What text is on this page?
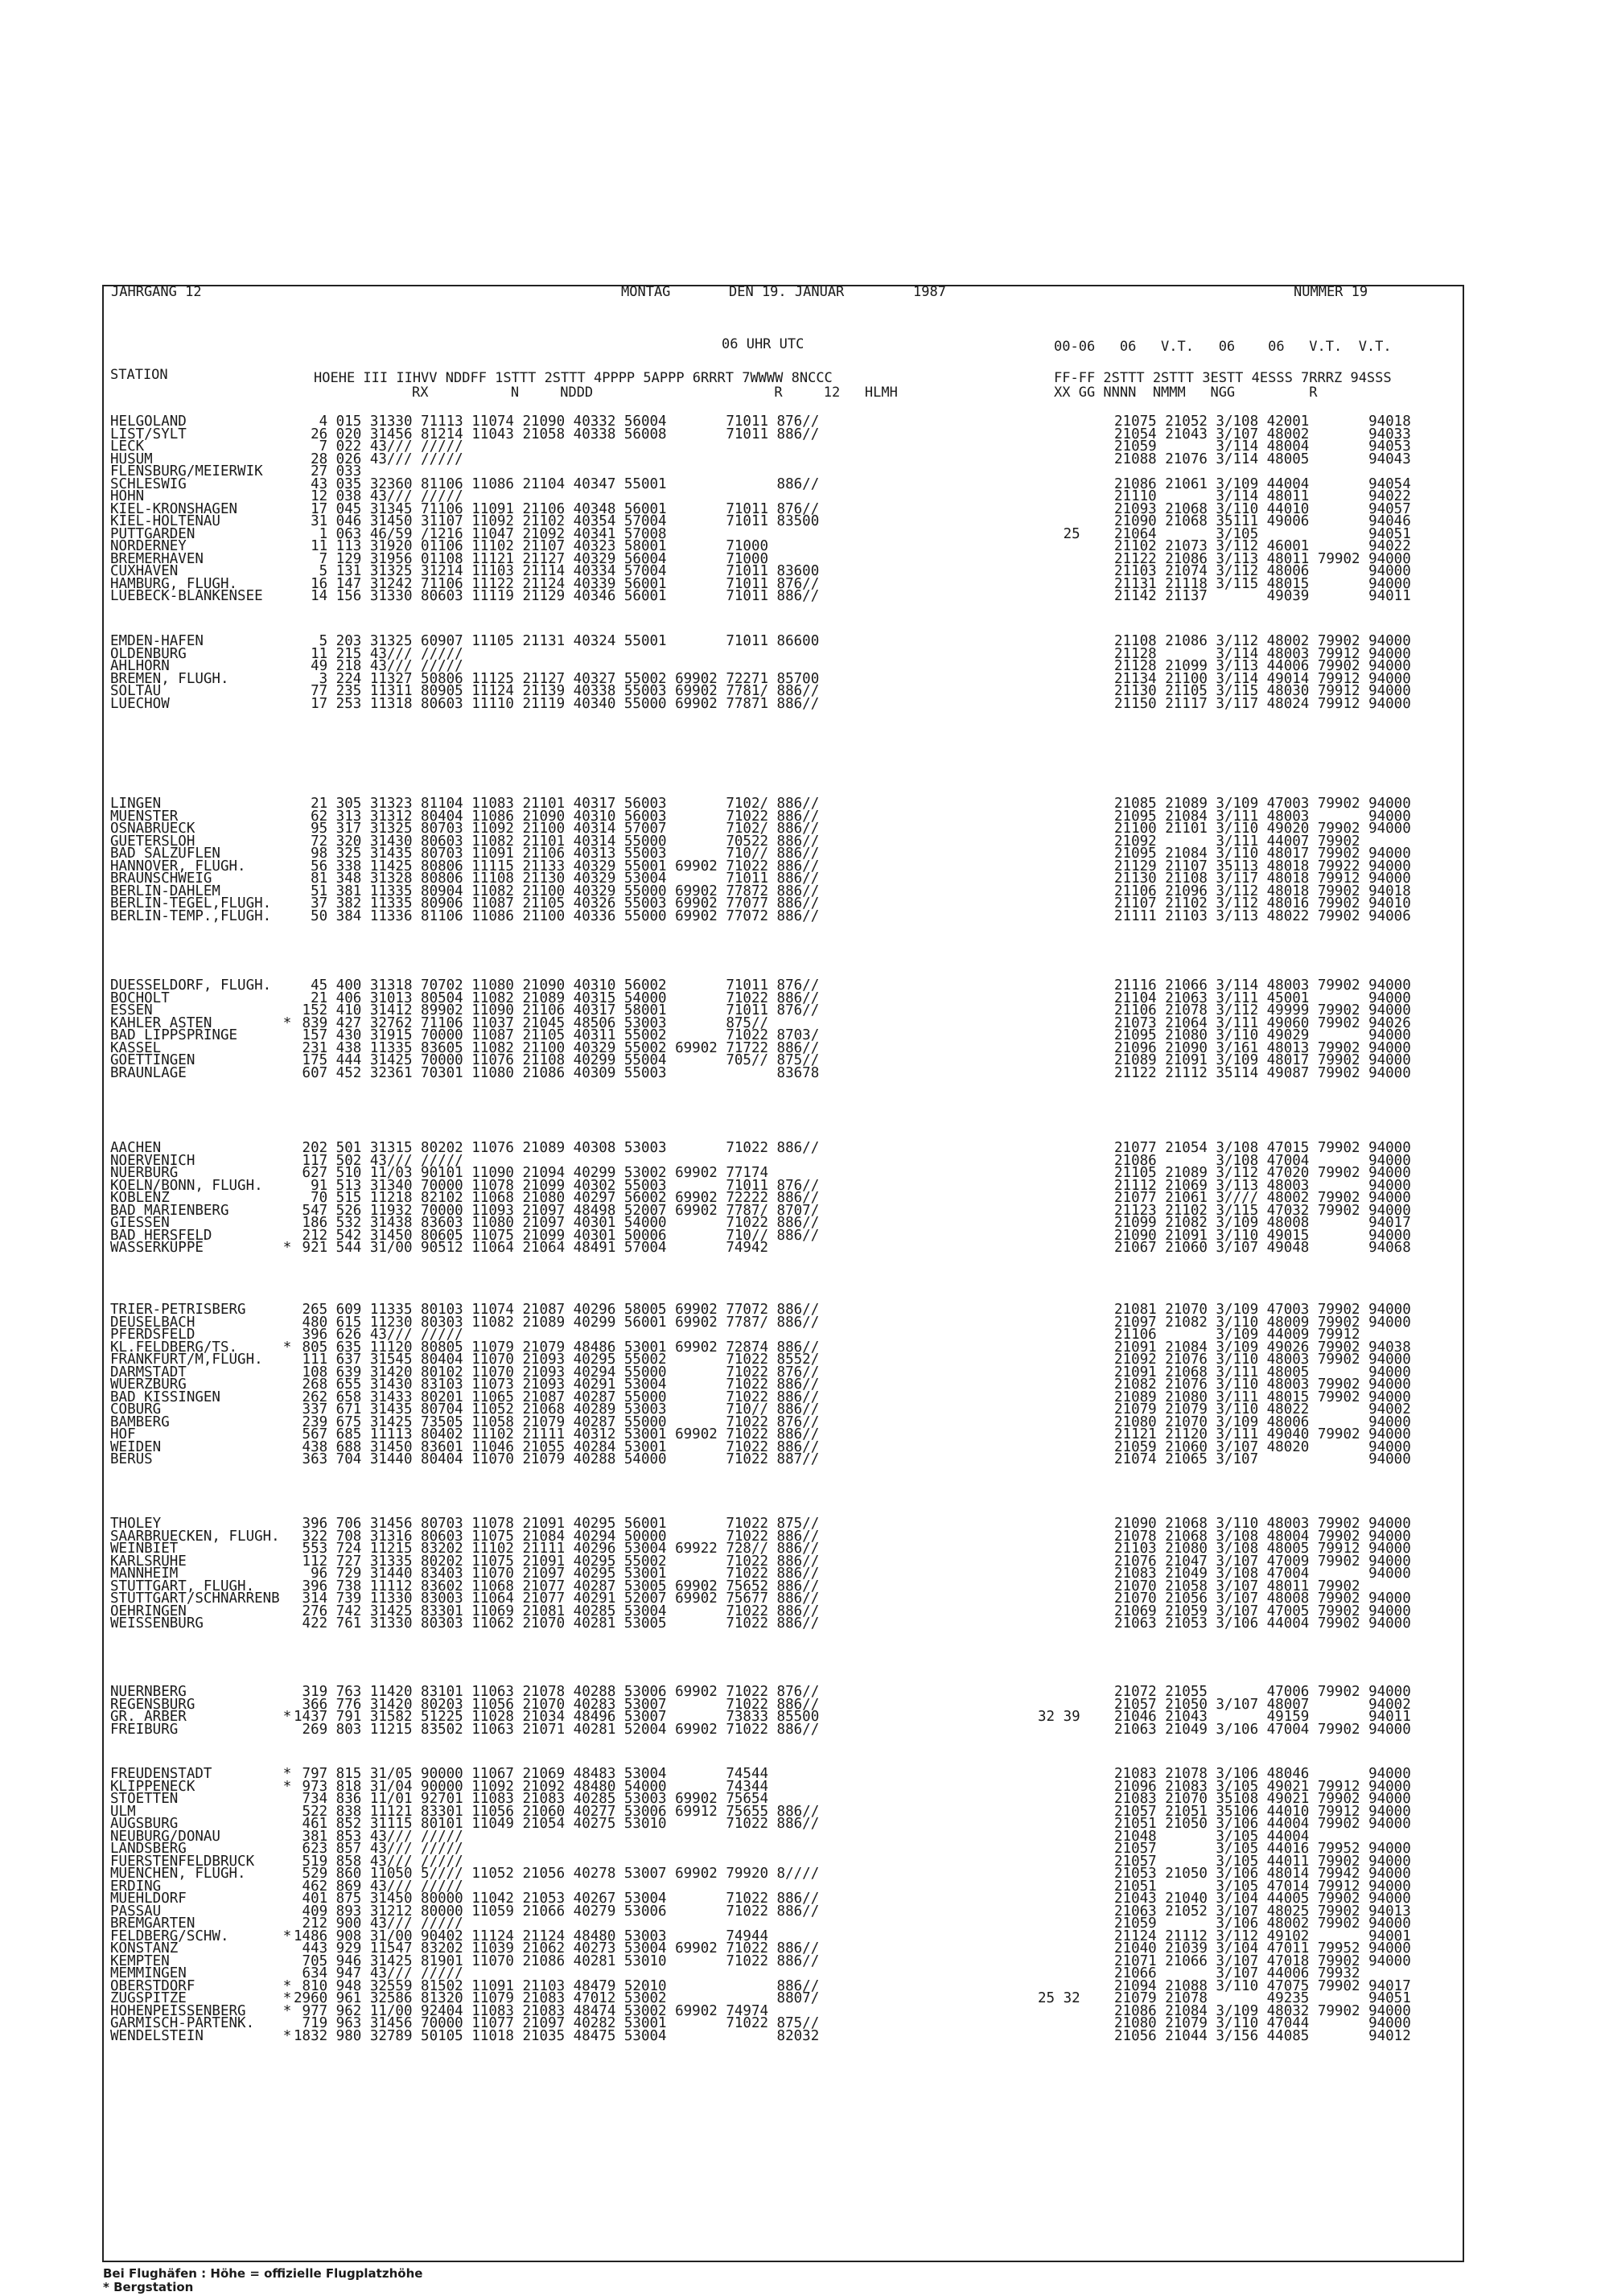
JAHRGANG 12	MONTAG	DEN 19. JANUAR	1987	NUMMER 19
06 UHR UTC	00-06   06   V.T.   06    06   V.T.  V.T.
STATION	HOEHE III IIHVV NDDFF 1STTT 2STTT 4PPPP 5APPP 6RRRT 7WWWW 8NCCC
RX          N     NDDD                      R     12   HLMH
FF-FF 2STTT 2STTT 3ESTT 4ESSS 7RRRZ 94SSS
XX GG NNNN  NMMM   NGG         R
HELGOLAND	4 015 31330 71113 11074 21090 40332 56004       71011 876//	21075 21052 3/108 42001       94018
LIST/SYLT	26 020 31456 81214 11043 21058 40338 56008       71011 886//	21054 21043 3/107 48002       94033
LECK	7 022 43/// /////	21059       3/114 48004       94053
HUSUM	28 026 43/// /////	21088 21076 3/114 48005       94043
FLENSBURG/MEIERWIK	27 033
SCHLESWIG	43 035 32360 81106 11086 21104 40347 55001             886//	21086 21061 3/109 44004       94054
HOHN	12 038 43/// /////	21110       3/114 48011       94022
KIEL-KRONSHAGEN	17 045 31345 71106 11091 21106 40348 56001       71011 876//	21093 21068 3/110 44010       94057
KIEL-HOLTENAU	31 046 31450 31107 11092 21102 40354 57004       71011 83500	21090 21068 35111 49006       94046
PUTTGARDEN	1 063 46/59 /1216 11047 21092 40341 57008	25	21064       3/105             94051
NORDERNEY	11 113 31920 01106 11102 21107 40323 58001       71000	21102 21073 3/112 46001       94022
BREMERHAVEN	7 129 31956 01108 11121 21127 40329 56004       71000	21122 21086 3/113 48011 79902 94000
CUXHAVEN	5 131 31325 31214 11103 21114 40334 57004       71011 83600	21103 21074 3/112 48006       94000
HAMBURG, FLUGH.	16 147 31242 71106 11122 21124 40339 56001       71011 876//	21131 21118 3/115 48015       94000
LUEBECK-BLANKENSEE	14 156 31330 80603 11119 21129 40346 56001       71011 886//	21142 21137       49039       94011
EMDEN-HAFEN	5 203 31325 60907 11105 21131 40324 55001       71011 86600	21108 21086 3/112 48002 79902 94000
OLDENBURG	11 215 43/// /////	21128       3/114 48003 79912 94000
AHLHORN	49 218 43/// /////	21128 21099 3/113 44006 79902 94000
BREMEN, FLUGH.	3 224 11327 50806 11125 21127 40327 55002 69902 72271 85700	21134 21100 3/114 49014 79912 94000
SOLTAU	77 235 11311 80905 11124 21139 40338 55003 69902 7781/ 886//	21130 21105 3/115 48030 79912 94000
LUECHOW	17 253 11318 80603 11110 21119 40340 55000 69902 77871 886//	21150 21117 3/117 48024 79912 94000
LINGEN	21 305 31323 81104 11083 21101 40317 56003       7102/ 886//	21085 21089 3/109 47003 79902 94000
MUENSTER	62 313 31312 80404 11086 21090 40310 56003       71022 886//	21095 21084 3/111 48003       94000
OSNABRUECK	95 317 31325 80703 11092 21100 40314 57007       7102/ 886//	21100 21101 3/110 49020 79902 94000
GUETERSLOH	72 320 31430 80603 11082 21101 40314 55000       70522 886//	21092       3/111 44007 79902
BAD SALZUFLEN	98 325 31435 80703 11091 21106 40313 55003       710// 886//	21095 21084 3/110 48017 79902 94000
HANNOVER, FLUGH.	56 338 11425 80806 11115 21133 40329 55001 69902 71022 886//	21129 21107 35113 48018 79922 94000
BRAUNSCHWEIG	81 348 31328 80806 11108 21130 40329 53004       71011 886//	21130 21108 3/117 48018 79912 94000
BERLIN-DAHLEM	51 381 11335 80904 11082 21100 40329 55000 69902 77872 886//	21106 21096 3/112 48018 79902 94018
BERLIN-TEGEL,FLUGH.	37 382 11335 80906 11087 21105 40326 55003 69902 77077 886//	21107 21102 3/112 48016 79902 94010
BERLIN-TEMP.,FLUGH.	50 384 11336 81106 11086 21100 40336 55000 69902 77072 886//	21111 21103 3/113 48022 79902 94006
DUESSELDORF, FLUGH.	45 400 31318 70702 11080 21090 40310 56002       71011 876//	21116 21066 3/114 48003 79902 94000
BOCHOLT	21 406 31013 80504 11082 21089 40315 54000       71022 886//	21104 21063 3/111 45001       94000
ESSEN	152 410 31412 89902 11090 21106 40317 58001       71011 876//	21106 21078 3/112 49999 79902 94000
KAHLER ASTEN	* 839 427 32762 71106 11037 21045 48506 53003       875//	21073 21064 3/111 49060 79902 94026
BAD LIPPSPRINGE	157 430 31915 70000 11087 21105 40311 55002       71022 8703/	21095 21080 3/110 49029       94000
KASSEL	231 438 11335 83605 11082 21100 40329 55002 69902 71722 886//	21096 21090 3/161 48013 79902 94000
GOETTINGEN	175 444 31425 70000 11076 21108 40299 55004       705// 875//	21089 21091 3/109 48017 79902 94000
BRAUNLAGE	607 452 32361 70301 11080 21086 40309 55003             83678	21122 21112 35114 49087 79902 94000
AACHEN	202 501 31315 80202 11076 21089 40308 53003       71022 886//	21077 21054 3/108 47015 79902 94000
NOERVENICH	117 502 43/// /////	21086       3/108 47004       94000
NUERBURG	627 510 11/03 90101 11090 21094 40299 53002 69902 77174	21105 21089 3/112 47020 79902 94000
KOELN/BONN, FLUGH.	91 513 31340 70000 11078 21099 40302 55003       71011 876//	21112 21069 3/113 48003       94000
KOBLENZ	70 515 11218 82102 11068 21080 40297 56002 69902 72222 886//	21077 21061 3//// 48002 79902 94000
BAD MARIENBERG	547 526 11932 70000 11093 21097 48498 52007 69902 7787/ 8707/	21123 21102 3/115 47032 79902 94000
GIESSEN	186 532 31438 83603 11080 21097 40301 54000       71022 886//	21099 21082 3/109 48008       94017
BAD HERSFELD	212 542 31450 80605 11075 21099 40301 50006       710// 886//	21090 21091 3/110 49015       94000
WASSERKUPPE	* 921 544 31/00 90512 11064 21064 48491 57004       74942	21067 21060 3/107 49048       94068
TRIER-PETRISBERG	265 609 11335 80103 11074 21087 40296 58005 69902 77072 886//	21081 21070 3/109 47003 79902 94000
DEUSELBACH	480 615 11230 80303 11082 21089 40299 56001 69902 7787/ 886//	21097 21082 3/110 48009 79902 94000
PFERDSFELD	396 626 43/// /////	21106       3/109 44009 79912
KL.FELDBERG/TS.	* 805 635 11120 80805 11079 21079 48486 53001 69902 72874 886//	21091 21084 3/109 49026 79902 94038
FRANKFURT/M,FLUGH.	111 637 31545 80404 11070 21093 40295 55002       71022 8552/	21092 21076 3/110 48003 79902 94000
DARMSTADT	108 639 31420 80102 11070 21093 40294 55000       71022 876//	21091 21068 3/111 48005       94000
WUERZBURG	268 655 31430 83103 11073 21093 40291 53004       71022 886//	21082 21076 3/110 48003 79902 94000
BAD KISSINGEN	262 658 31433 80201 11065 21087 40287 55000       71022 886//	21089 21080 3/111 48015 79902 94000
COBURG	337 671 31435 80704 11052 21068 40289 53003       710// 886//	21079 21079 3/110 48022       94002
BAMBERG	239 675 31425 73505 11058 21079 40287 55000       71022 876//	21080 21070 3/109 48006       94000
HOF	567 685 11113 80402 11102 21111 40312 53001 69902 71022 886//	21121 21120 3/111 49040 79902 94000
WEIDEN	438 688 31450 83601 11046 21055 40284 53001       71022 886//	21059 21060 3/107 48020       94000
BERUS	363 704 31440 80404 11070 21079 40288 54000       71022 887//	21074 21065 3/107             94000
THOLEY	396 706 31456 80703 11078 21091 40295 56001       71022 875//	21090 21068 3/110 48003 79902 94000
SAARBRUECKEN, FLUGH. 322 708 31316 80603 11075 21084 40294 50000       71022 886//	21078 21068 3/108 48004 79902 94000
WEINBIET	553 724 11215 83202 11102 21111 40296 53004 69922 728// 886//	21103 21080 3/108 48005 79912 94000
KARLSRUHE	112 727 31335 80202 11075 21091 40295 55002       71022 886//	21076 21047 3/107 47009 79902 94000
MANNHEIM	96 729 31440 83403 11070 21097 40295 53001       71022 886//	21083 21049 3/108 47004       94000
STUTTGART, FLUGH.	396 738 11112 83602 11068 21077 40287 53005 69902 75652 886//	21070 21058 3/107 48011 79902
STUTTGART/SCHNARRENB 314 739 11330 83003 11064 21077 40291 52007 69902 75677 886//	21070 21056 3/107 48008 79902 94000
OEHRINGEN	276 742 31425 83301 11069 21081 40285 53004       71022 886//	21069 21059 3/107 47005 79902 94000
WEISSENBURG	422 761 31330 80303 11062 21070 40281 53005       71022 886//	21063 21053 3/106 44004 79902 94000
NUERNBERG	319 763 11420 83101 11063 21078 40288 53006 69902 71022 876//	21072 21055       47006 79902 94000
REGENSBURG	366 776 31420 80203 11056 21070 40283 53007       71022 886//	21057 21050 3/107 48007       94002
GR. ARBER	* 1437 791 31582 51225 11028 21034 48496 53007       73833 85500	32 39	21046 21043       49159       94011
FREIBURG	269 803 11215 83502 11063 21071 40281 52004 69902 71022 886//	21063 21049 3/106 47004 79902 94000
FREUDENSTADT	* 797 815 31/05 90000 11067 21069 48483 53004       74544	21083 21078 3/106 48046       94000
KLIPPENECK	* 973 818 31/04 90000 11092 21092 48480 54000       74344	21096 21083 3/105 49021 79912 94000
STOETTEN	734 836 11/01 92701 11083 21083 40285 53003 69902 75654	21083 21070 35108 49021 79902 94000
ULM	522 838 11121 83301 11056 21060 40277 53006 69912 75655 886//	21057 21051 35106 44010 79912 94000
AUGSBURG	461 852 31115 80101 11049 21054 40275 53010       71022 886//	21051 21050 3/106 44004 79902 94000
NEUBURG/DONAU	381 853 43/// /////	21048       3/105 44004
LANDSBERG	623 857 43/// /////	21057       3/105 44016 79952 94000
FUERSTENFELDBRUCK	519 858 43/// /////	21057       3/105 44011 79902 94000
MUENCHEN, FLUGH.	529 860 11050 5//// 11052 21056 40278 53007 69902 79920 8////	21053 21050 3/106 48014 79942 94000
ERDING	462 869 43/// /////	21051       3/105 47014 79912 94000
MUEHLDORF	401 875 31450 80000 11042 21053 40267 53004       71022 886//	21043 21040 3/104 44005 79902 94000
PASSAU	409 893 31212 80000 11059 21066 40279 53006       71022 886//	21063 21052 3/107 48025 79902 94013
BREMGARTEN	212 900 43/// /////	21059       3/106 48002 79902 94000
FELDBERG/SCHW.	* 1486 908 31/00 90402 11124 21124 48480 53003       74944	21124 21112 3/112 49102       94001
KONSTANZ	443 929 11547 83202 11039 21062 40273 53004 69902 71022 886//	21040 21039 3/104 47011 79952 94000
KEMPTEN	705 946 31425 81901 11070 21086 40281 53010       71022 886//	21071 21066 3/107 47018 79902 94000
MEMMINGEN	634 947 43/// /////	21066       3/107 44006 79932
OBERSTDORF	* 810 948 32559 81502 11091 21103 48479 52010             886//	21094 21088 3/110 47075 79902 94017
ZUGSPITZE	* 2960 961 32586 81320 11079 21083 47012 53002             8807/	25 32	21079 21078       49235       94051
HOHENPEISSENBERG	* 977 962 11/00 92404 11083 21083 48474 53002 69902 74974	21086 21084 3/109 48032 79902 94000
GARMISCH-PARTENK.	719 963 31456 70000 11077 21097 40282 53001       71022 875//	21080 21079 3/110 47044       94000
WENDELSTEIN	* 1832 980 32789 50105 11018 21035 48475 53004             82032	21056 21044 3/156 44085       94012
Bei Flughäfen : Höhe = offizielle Flugplatzhöhe
* Bergstation
